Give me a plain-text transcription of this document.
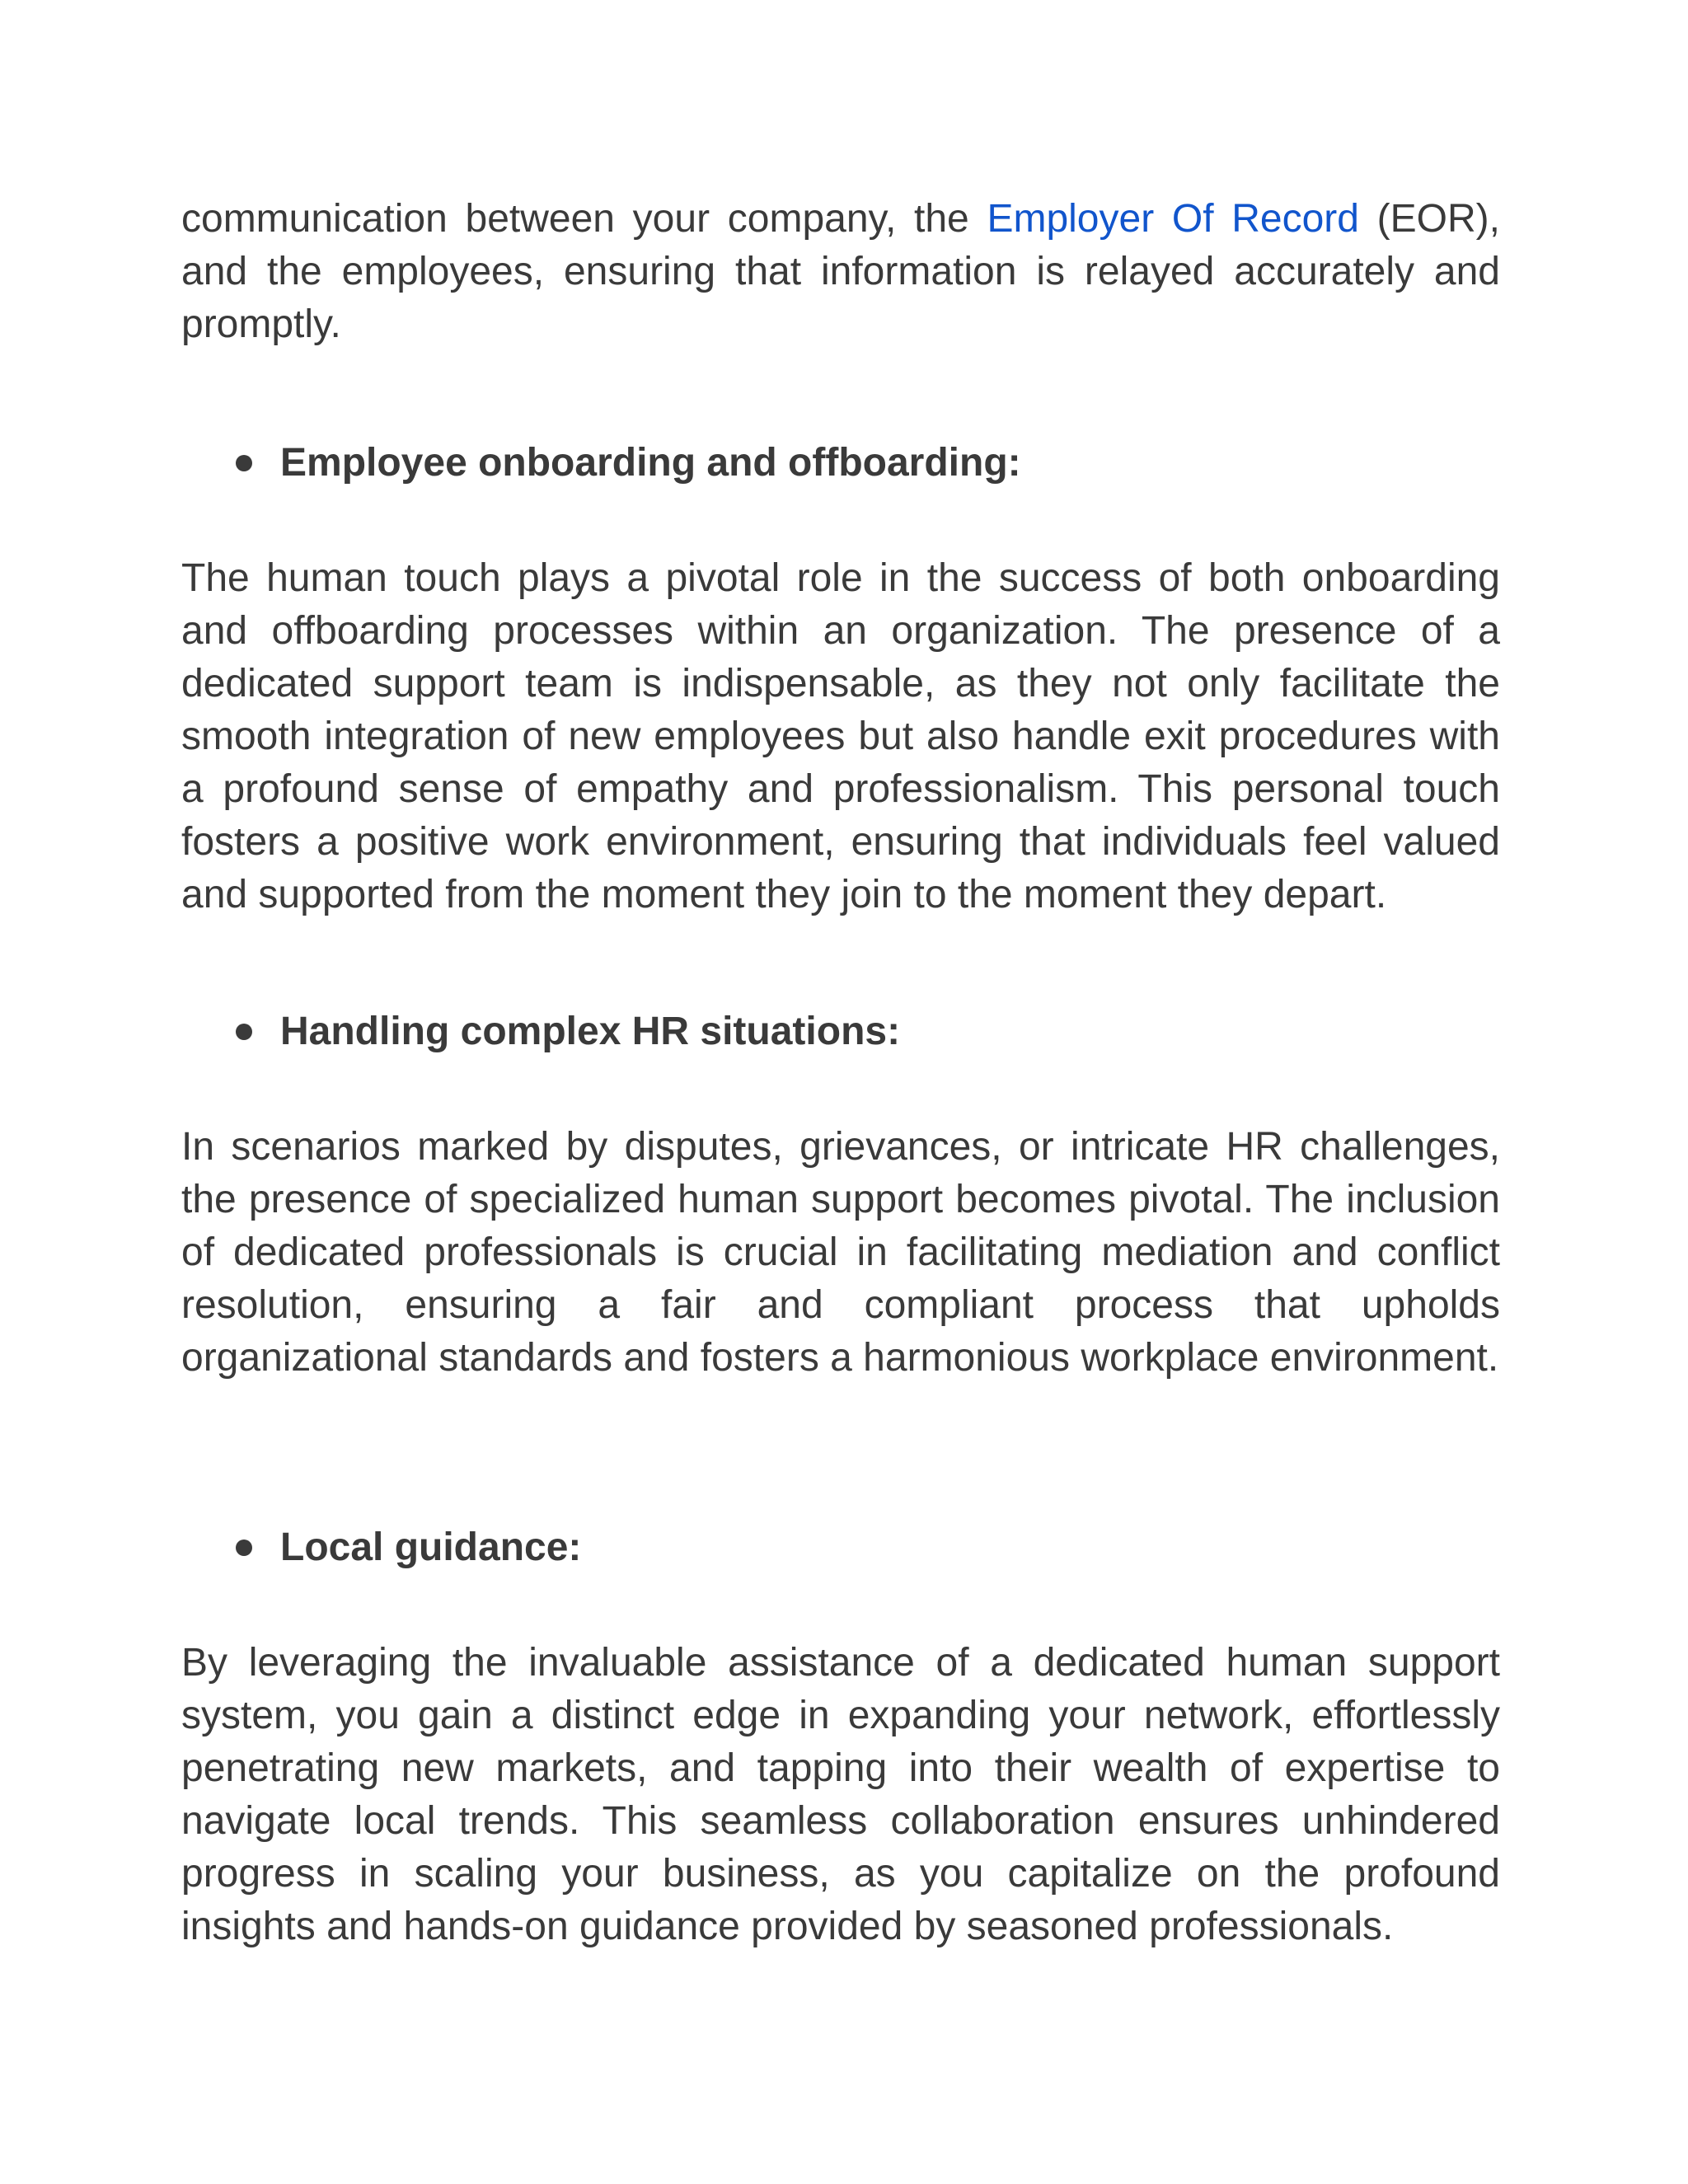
communication between your company, the Employer Of Record (EOR), and the employees, ensuring that information is relayed accurately and promptly.

Employee onboarding and offboarding:

The human touch plays a pivotal role in the success of both onboarding and offboarding processes within an organization. The presence of a dedicated support team is indispensable, as they not only facilitate the smooth integration of new employees but also handle exit procedures with a profound sense of empathy and professionalism. This personal touch fosters a positive work environment, ensuring that individuals feel valued and supported from the moment they join to the moment they depart.

Handling complex HR situations:

In scenarios marked by disputes, grievances, or intricate HR challenges, the presence of specialized human support becomes pivotal. The inclusion of dedicated professionals is crucial in facilitating mediation and conflict resolution, ensuring a fair and compliant process that upholds organizational standards and fosters a harmonious workplace environment.

Local guidance:

By leveraging the invaluable assistance of a dedicated human support system, you gain a distinct edge in expanding your network, effortlessly penetrating new markets, and tapping into their wealth of expertise to navigate local trends. This seamless collaboration ensures unhindered progress in scaling your business, as you capitalize on the profound insights and hands-on guidance provided by seasoned professionals.
